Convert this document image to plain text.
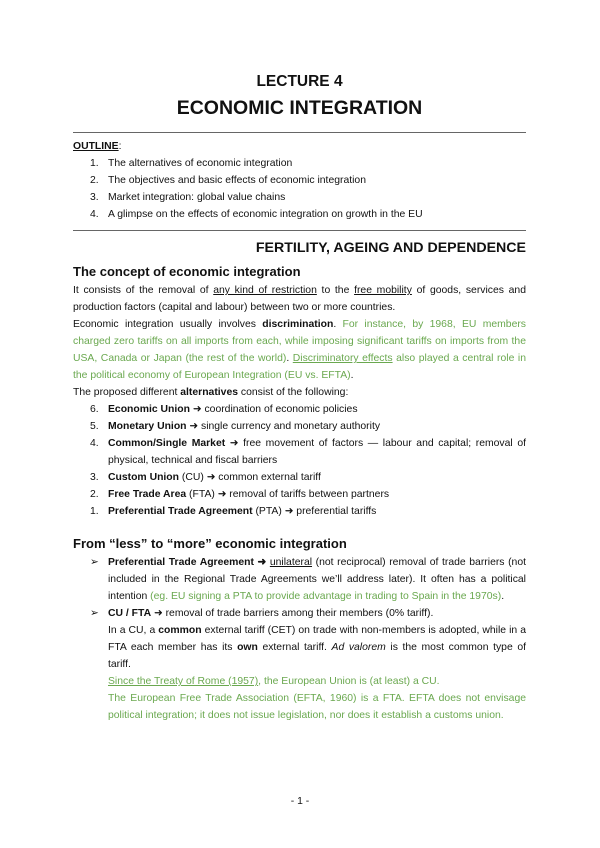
LECTURE 4
ECONOMIC INTEGRATION
OUTLINE:
1. The alternatives of economic integration
2. The objectives and basic effects of economic integration
3. Market integration: global value chains
4. A glimpse on the effects of economic integration on growth in the EU
FERTILITY, AGEING AND DEPENDENCE
The concept of economic integration

It consists of the removal of any kind of restriction to the free mobility of goods, services and production factors (capital and labour) between two or more countries.

Economic integration usually involves discrimination. For instance, by 1968, EU members charged zero tariffs on all imports from each, while imposing significant tariffs on imports from the USA, Canada or Japan (the rest of the world). Discriminatory effects also played a central role in the political economy of European Integration (EU vs. EFTA).

The proposed different alternatives consist of the following:

6. Economic Union ➜ coordination of economic policies
5. Monetary Union ➜ single currency and monetary authority
4. Common/Single Market ➜ free movement of factors — labour and capital; removal of physical, technical and fiscal barriers
3. Custom Union (CU) ➜ common external tariff
2. Free Trade Area (FTA) ➜ removal of tariffs between partners
1. Preferential Trade Agreement (PTA) ➜ preferential tariffs
From “less” to “more” economic integration
➢ Preferential Trade Agreement ➜ unilateral (not reciprocal) removal of trade barriers (not included in the Regional Trade Agreements we’ll address later). It often has a political intention (eg. EU signing a PTA to provide advantage in trading to Spain in the 1970s).
➢ CU / FTA ➜ removal of trade barriers among their members (0% tariff).
In a CU, a common external tariff (CET) on trade with non-members is adopted, while in a FTA each member has its own external tariff. Ad valorem is the most common type of tariff.
Since the Treaty of Rome (1957), the European Union is (at least) a CU.
The European Free Trade Association (EFTA, 1960) is a FTA. EFTA does not envisage political integration; it does not issue legislation, nor does it establish a customs union.
- 1 -
